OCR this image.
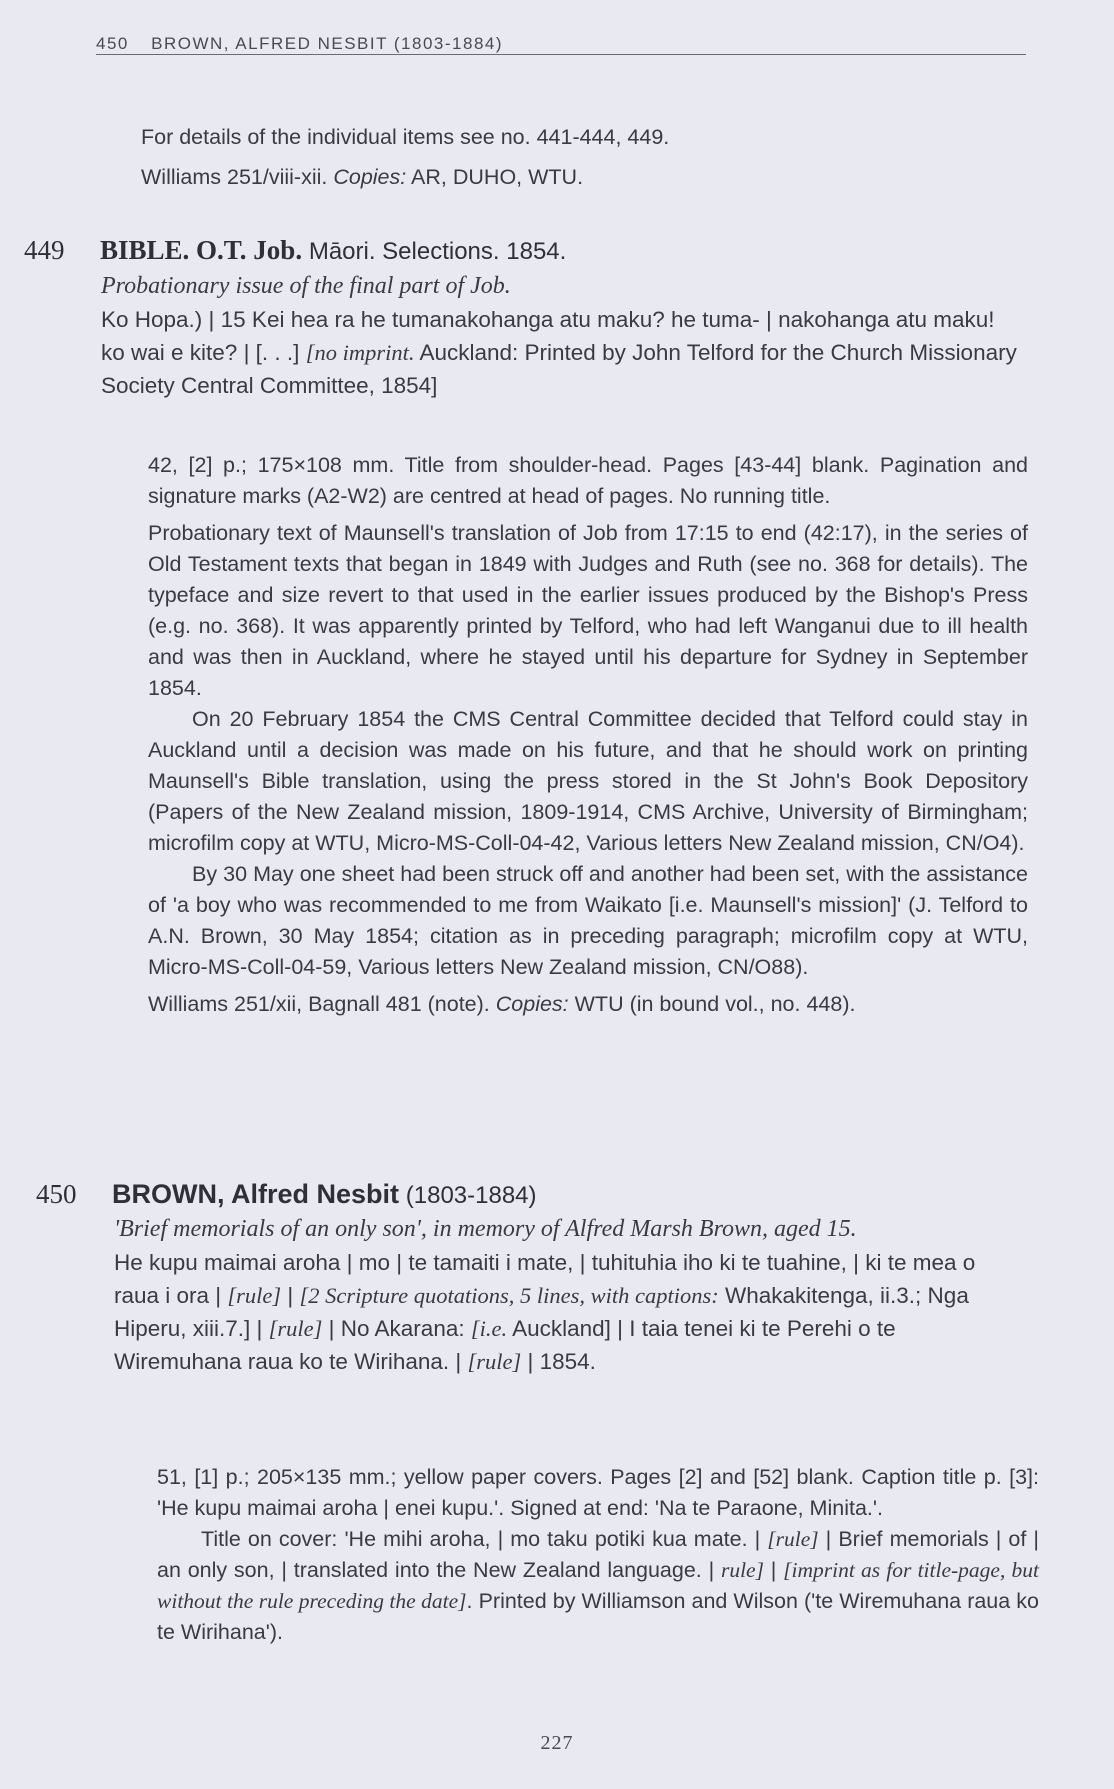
450 BROWN, ALFRED NESBIT (1803-1884)

For details of the individual items see no. 441-444, 449.

Williams 251/viii-xii. Copies: AR, DUHO, WTU.

449 BIBLE. O.T. Job. Māori. Selections. 1854.

Probationary issue of the final part of Job.

Ko Hopa.) | 15 Kei hea ra he tumanakohanga atu maku? he tuma- | nakohanga atu maku! ko wai e kite? | [. . .] [no imprint. Auckland: Printed by John Telford for the Church Missionary Society Central Committee, 1854]

42, [2] p.; 175×108 mm. Title from shoulder-head. Pages [43-44] blank. Pagination and signature marks (A2-W2) are centred at head of pages. No running title.

Probationary text of Maunsell's translation of Job from 17:15 to end (42:17), in the series of Old Testament texts that began in 1849 with Judges and Ruth (see no. 368 for details). The typeface and size revert to that used in the earlier issues produced by the Bishop's Press (e.g. no. 368). It was apparently printed by Telford, who had left Wanganui due to ill health and was then in Auckland, where he stayed until his departure for Sydney in September 1854.

On 20 February 1854 the CMS Central Committee decided that Telford could stay in Auckland until a decision was made on his future, and that he should work on printing Maunsell's Bible translation, using the press stored in the St John's Book Depository (Papers of the New Zealand mission, 1809-1914, CMS Archive, University of Birmingham; microfilm copy at WTU, Micro-MS-Coll-04-42, Various letters New Zealand mission, CN/O4).

By 30 May one sheet had been struck off and another had been set, with the assistance of 'a boy who was recommended to me from Waikato [i.e. Maunsell's mission]' (J. Telford to A.N. Brown, 30 May 1854; citation as in preceding paragraph; microfilm copy at WTU, Micro-MS-Coll-04-59, Various letters New Zealand mission, CN/O88).

Williams 251/xii, Bagnall 481 (note). Copies: WTU (in bound vol., no. 448).

450 BROWN, Alfred Nesbit (1803-1884)

'Brief memorials of an only son', in memory of Alfred Marsh Brown, aged 15.

He kupu maimai aroha | mo | te tamaiti i mate, | tuhituhia iho ki te tuahine, | ki te mea o raua i ora | [rule] | [2 Scripture quotations, 5 lines, with captions: Whakakitenga, ii.3.; Nga Hiperu, xiii.7.] | [rule] | No Akarana: [i.e. Auckland] | I taia tenei ki te Perehi o te Wiremuhana raua ko te Wirihana. | [rule] | 1854.

51, [1] p.; 205×135 mm.; yellow paper covers. Pages [2] and [52] blank. Caption title p. [3]: 'He kupu maimai aroha | enei kupu.'. Signed at end: 'Na te Paraone, Minita.'.

Title on cover: 'He mihi aroha, | mo taku potiki kua mate. | [rule] | Brief memorials | of | an only son, | translated into the New Zealand language. | rule] | [imprint as for title-page, but without the rule preceding the date]. Printed by Williamson and Wilson ('te Wiremuhana raua ko te Wirihana').

227
